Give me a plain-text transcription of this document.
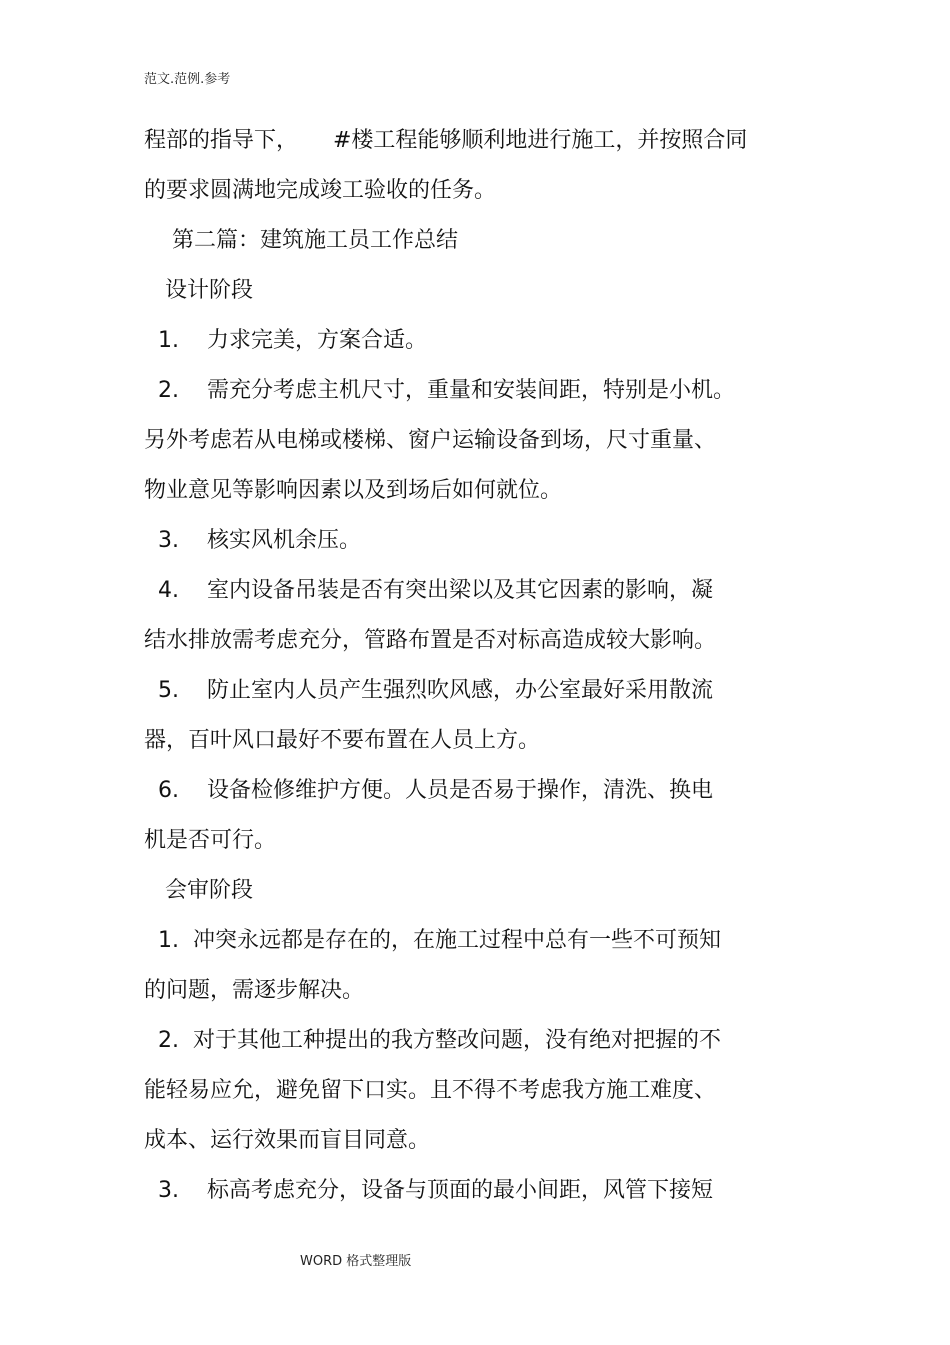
范文.范例.参考
程部的指导下，     #楼工程能够顺利地进行施工，并按照合同
的要求圆满地完成竣工验收的任务。
第二篇：建筑施工员工作总结
设计阶段
1.    力求完美，方案合适。
2.    需充分考虑主机尺寸，重量和安装间距，特别是小机。
另外考虑若从电梯或楼梯、窗户运输设备到场，尺寸重量、
物业意见等影响因素以及到场后如何就位。
3.    核实风机余压。
4.    室内设备吊装是否有突出梁以及其它因素的影响，凝
结水排放需考虑充分，管路布置是否对标高造成较大影响。
5.    防止室内人员产生强烈吹风感，办公室最好采用散流
器，百叶风口最好不要布置在人员上方。
6.    设备检修维护方便。人员是否易于操作，清洗、换电
机是否可行。
会审阶段
1.  冲突永远都是存在的，在施工过程中总有一些不可预知
的问题，需逐步解决。
2.  对于其他工种提出的我方整改问题，没有绝对把握的不
能轻易应允，避免留下口实。且不得不考虑我方施工难度、
成本、运行效果而盲目同意。
3.    标高考虑充分，设备与顶面的最小间距，风管下接短
WORD 格式整理版
